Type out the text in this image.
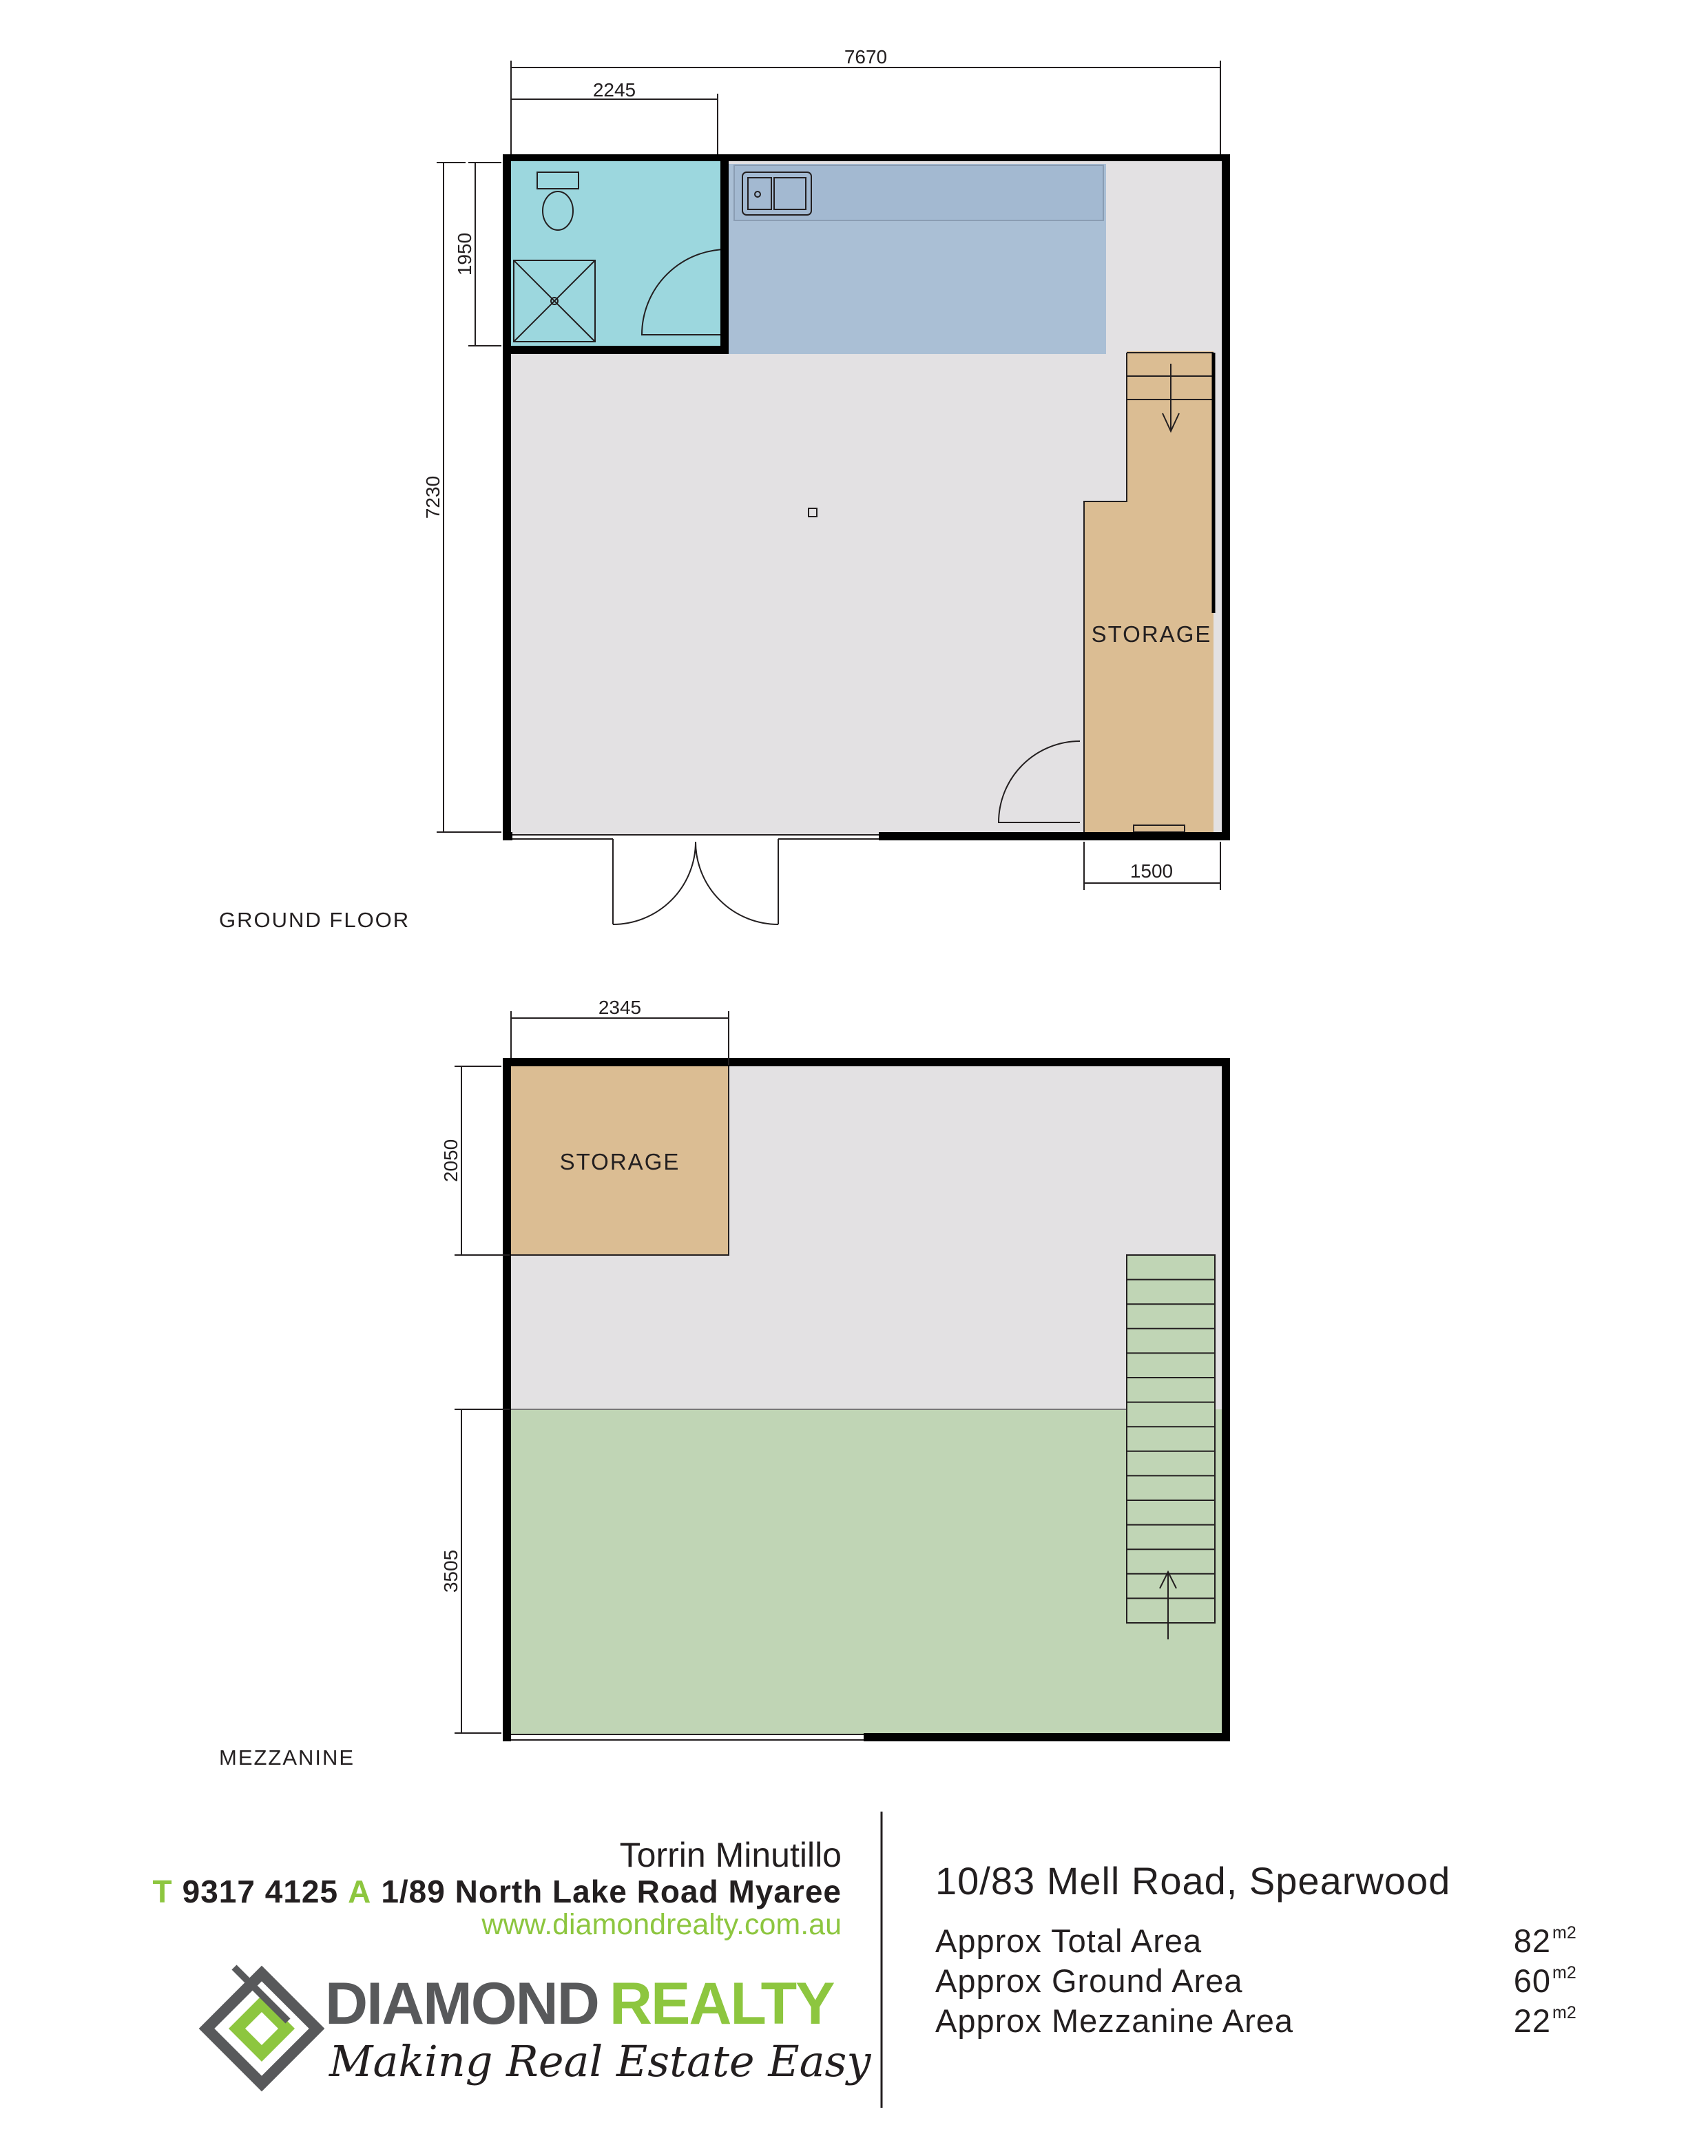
7670
2245
1950
7230
1500
STORAGE
GROUND FLOOR
STORAGE
2345
2050
3505
MEZZANINE
Torrin Minutillo
T 9317 4125 A 1/89 North Lake Road Myaree
www.diamondrealty.com.au
DIAMOND REALTY
Making Real Estate Easy
10/83 Mell Road, Spearwood
Approx Total Area
Approx Ground Area
Approx Mezzanine Area
82
60
22
m2
m2
m2
